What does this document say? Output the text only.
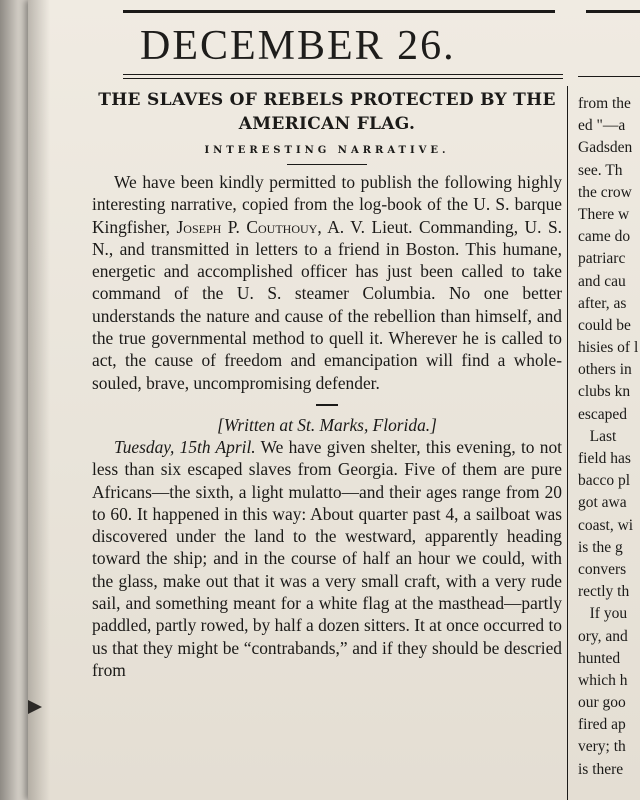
DECEMBER 26.
THE SLAVES OF REBELS PROTECTED BY THE AMERICAN FLAG.
INTERESTING NARRATIVE.

We have been kindly permitted to publish the following highly interesting narrative, copied from the log-book of the U. S. barque Kingfisher, Joseph P. Couthouy, A. V. Lieut. Commanding, U. S. N., and transmitted in letters to a friend in Boston. This humane, energetic and accomplished officer has just been called to take command of the U. S. steamer Columbia. No one better understands the nature and cause of the rebellion than himself, and the true governmental method to quell it. Wherever he is called to act, the cause of freedom and emancipation will find a whole-souled, brave, uncompromising defender.

[Written at St. Marks, Florida.]

Tuesday, 15th April. We have given shelter, this evening, to not less than six escaped slaves from Georgia. Five of them are pure Africans—the sixth, a light mulatto—and their ages range from 20 to 60. It happened in this way: About quarter past 4, a sailboat was discovered under the land to the westward, apparently heading toward the ship; and in the course of half an hour we could, with the glass, make out that it was a very small craft, with a very rude sail, and something meant for a white flag at the masthead—partly paddled, partly rowed, by half a dozen sitters. It at once occurred to us that they might be “contrabands,” and if they should be descried from

from the
ed "—a
Gadsden
see. Th
the crow
There w
came do
patriarc
and cau
after, as
could be
hisies of l
others in
clubs kn
escaped
Last
field has
bacco pl
got awa
coast, wi
is the g
convers
rectly th
If you
ory, and
hunted
which h
our goo
fired ap
very; th
is there
